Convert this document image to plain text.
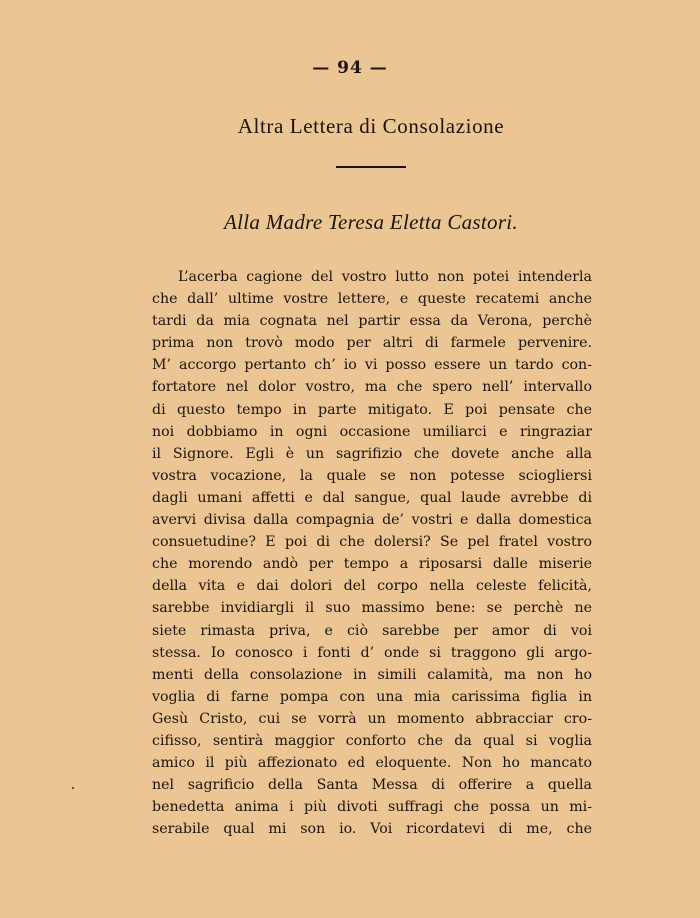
— 94 —
Altra Lettera di Consolazione
Alla Madre Teresa Eletta Castori.
L’acerba cagione del vostro lutto non potei intenderla
che dall’ ultime vostre lettere, e queste recatemi anche
tardi da mia cognata nel partir essa da Verona, perchè
prima non trovò modo per altri di farmele pervenire.
M’ accorgo pertanto ch’ io vi posso essere un tardo con-
fortatore nel dolor vostro, ma che spero nell’ intervallo
di questo tempo in parte mitigato. E poi pensate che
noi dobbiamo in ogni occasione umiliarci e ringraziar
il Signore. Egli è un sagrifizio che dovete anche alla
vostra vocazione, la quale se non potesse sciogliersi
dagli umani affetti e dal sangue, qual laude avrebbe di
avervi divisa dalla compagnia de’ vostri e dalla domestica
consuetudine? E poi di che dolersi? Se pel fratel vostro
che morendo andò per tempo a riposarsi dalle miserie
della vita e dai dolori del corpo nella celeste felicità,
sarebbe invidiargli il suo massimo bene: se perchè ne
siete rimasta priva, e ciò sarebbe per amor di voi
stessa. Io conosco i fonti d’ onde si traggono gli argo-
menti della consolazione in simili calamità, ma non ho
voglia di farne pompa con una mia carissima figlia in
Gesù Cristo, cui se vorrà un momento abbracciar cro-
cifisso, sentirà maggior conforto che da qual si voglia
amico il più affezionato ed eloquente. Non ho mancato
nel sagrificio della Santa Messa di offerire a quella
benedetta anima i più divoti suffragi che possa un mi-
serabile qual mi son io. Voi ricordatevi di me, che
